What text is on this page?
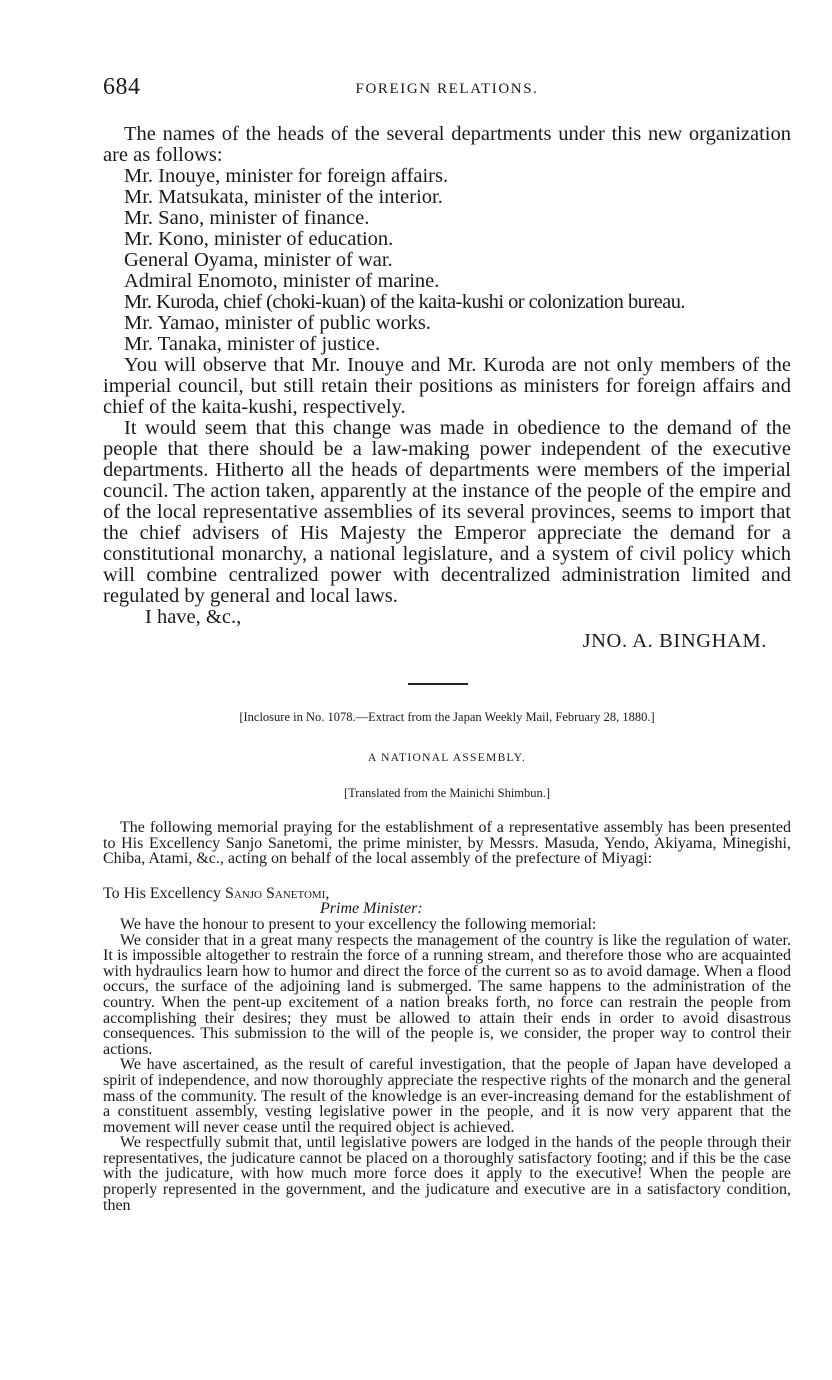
684	FOREIGN RELATIONS.

The names of the heads of the several departments under this new organization are as follows:

Mr. Inouye, minister for foreign affairs.
Mr. Matsukata, minister of the interior.
Mr. Sano, minister of finance.
Mr. Kono, minister of education.
General Oyama, minister of war.
Admiral Enomoto, minister of marine.
Mr. Kuroda, chief (choki-kuan) of the kaita-kushi or colonization bureau.
Mr. Yamao, minister of public works.
Mr. Tanaka, minister of justice.

You will observe that Mr. Inouye and Mr. Kuroda are not only members of the imperial council, but still retain their positions as ministers for foreign affairs and chief of the kaita-kushi, respectively.

It would seem that this change was made in obedience to the demand of the people that there should be a law-making power independent of the executive departments. Hitherto all the heads of departments were members of the imperial council. The action taken, apparently at the instance of the people of the empire and of the local representative assemblies of its several provinces, seems to import that the chief advisers of His Majesty the Emperor appreciate the demand for a constitutional monarchy, a national legislature, and a system of civil policy which will combine centralized power with decentralized administration limited and regulated by general and local laws.

I have, &c.,
JNO. A. BINGHAM.
[Inclosure in No. 1078.—Extract from the Japan Weekly Mail, February 28, 1880.]
A NATIONAL ASSEMBLY.
[Translated from the Mainichi Shimbun.]

The following memorial praying for the establishment of a representative assembly has been presented to His Excellency Sanjo Sanetomi, the prime minister, by Messrs. Masuda, Yendo, Akiyama, Minegishi, Chiba, Atami, &c., acting on behalf of the local assembly of the prefecture of Miyagi:

To His Excellency Sanjo Sanetomi,
Prime Minister:

We have the honour to present to your excellency the following memorial:

We consider that in a great many respects the management of the country is like the regulation of water. It is impossible altogether to restrain the force of a running stream, and therefore those who are acquainted with hydraulics learn how to humor and direct the force of the current so as to avoid damage. When a flood occurs, the surface of the adjoining land is submerged. The same happens to the administration of the country. When the pent-up excitement of a nation breaks forth, no force can restrain the people from accomplishing their desires; they must be allowed to attain their ends in order to avoid disastrous consequences. This submission to the will of the people is, we consider, the proper way to control their actions.

We have ascertained, as the result of careful investigation, that the people of Japan have developed a spirit of independence, and now thoroughly appreciate the respective rights of the monarch and the general mass of the community. The result of the knowledge is an ever-increasing demand for the establishment of a constituent assembly, vesting legislative power in the people, and it is now very apparent that the movement will never cease until the required object is achieved.

We respectfully submit that, until legislative powers are lodged in the hands of the people through their representatives, the judicature cannot be placed on a thoroughly satisfactory footing; and if this be the case with the judicature, with how much more force does it apply to the executive! When the people are properly represented in the government, and the judicature and executive are in a satisfactory condition, then
